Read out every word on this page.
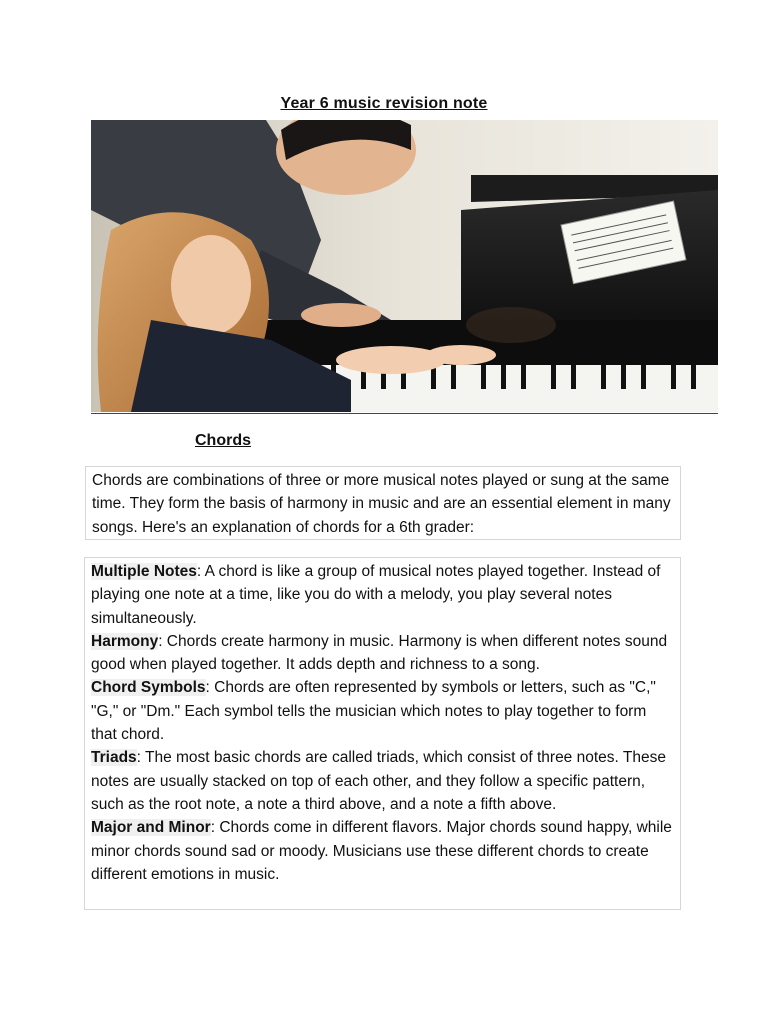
Year 6 music revision note
Chords
Chords are combinations of three or more musical notes played or sung at the same time. They form the basis of harmony in music and are an essential element in many songs. Here's an explanation of chords for a 6th grader:
Multiple Notes: A chord is like a group of musical notes played together. Instead of playing one note at a time, like you do with a melody, you play several notes simultaneously.
Harmony: Chords create harmony in music. Harmony is when different notes sound good when played together. It adds depth and richness to a song.
Chord Symbols: Chords are often represented by symbols or letters, such as "C," "G," or "Dm." Each symbol tells the musician which notes to play together to form that chord.
Triads: The most basic chords are called triads, which consist of three notes. These notes are usually stacked on top of each other, and they follow a specific pattern, such as the root note, a note a third above, and a note a fifth above.
Major and Minor: Chords come in different flavors. Major chords sound happy, while minor chords sound sad or moody. Musicians use these different chords to create different emotions in music.
